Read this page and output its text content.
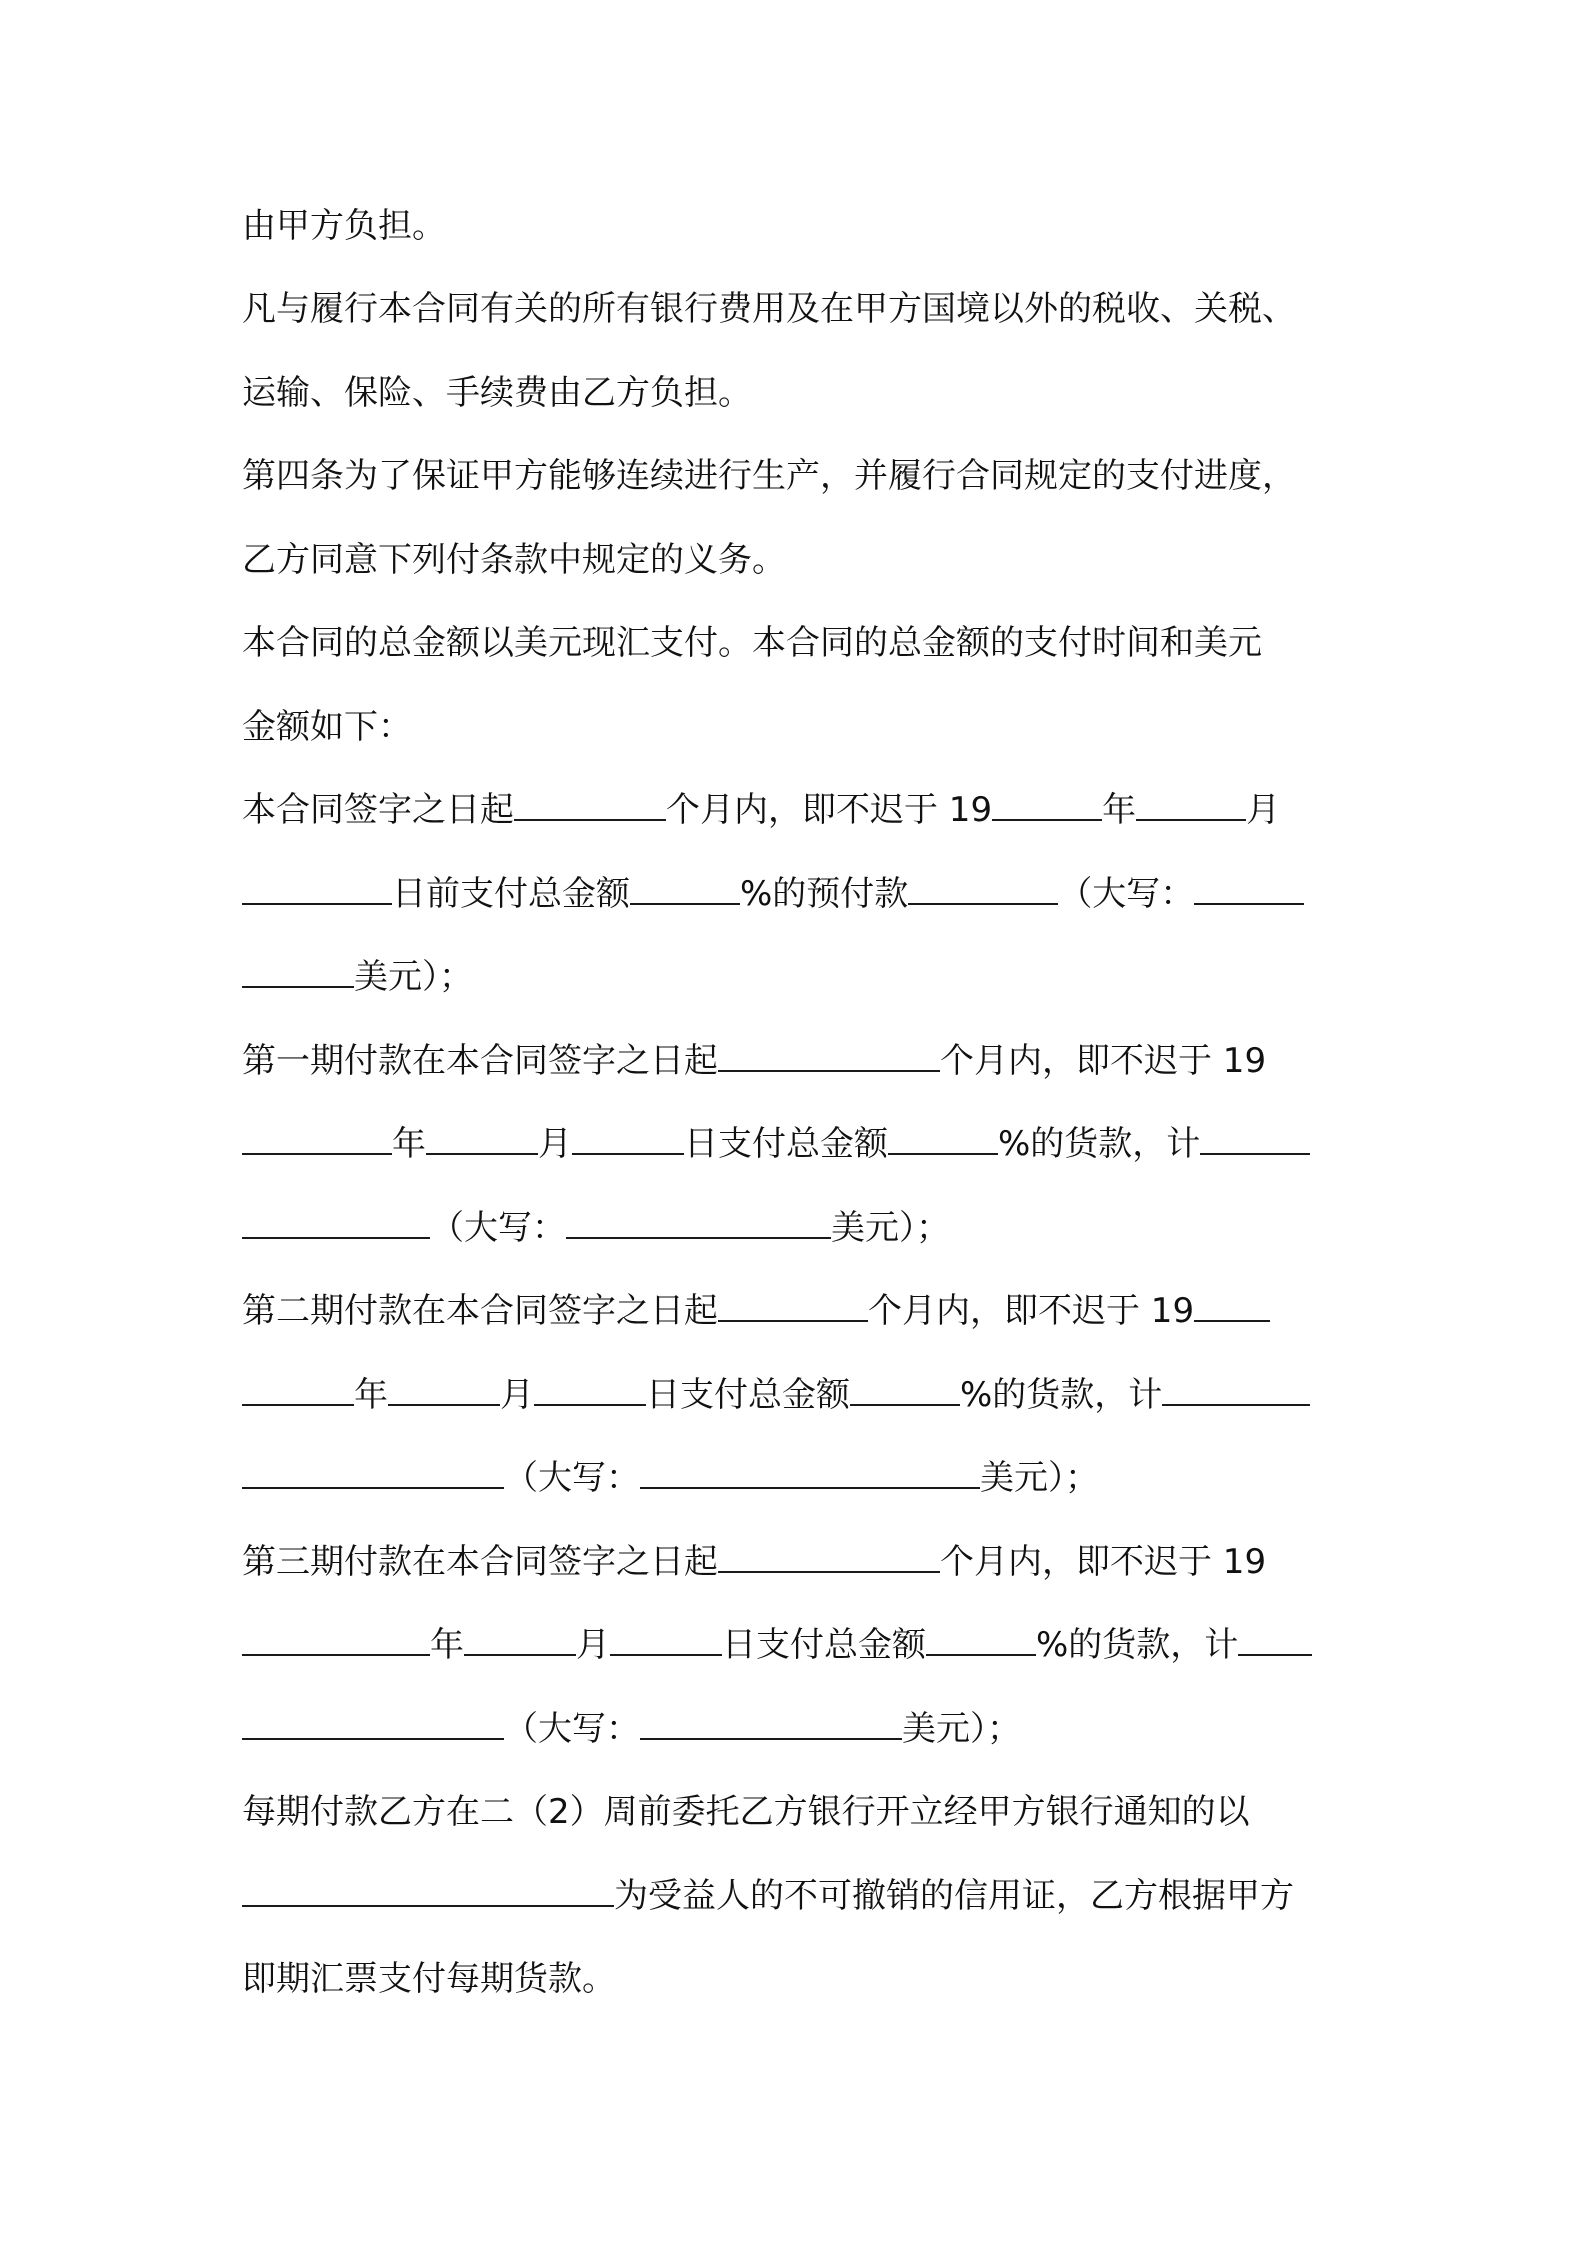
由甲方负担。
凡与履行本合同有关的所有银行费用及在甲方国境以外的税收、关税、
运输、保险、手续费由乙方负担。
第四条为了保证甲方能够连续进行生产，并履行合同规定的支付进度，
乙方同意下列付条款中规定的义务。
本合同的总金额以美元现汇支付。本合同的总金额的支付时间和美元
金额如下：
本合同签字之日起	个月内，即不迟于 19	年	月
日前支付总金额	%的预付款	（大写：
美元）；
第一期付款在本合同签字之日起	个月内，即不迟于 19
年	月	日支付总金额	%的货款，计
（大写：	美元）；
第二期付款在本合同签字之日起	个月内，即不迟于 19
年	月	日支付总金额	%的货款，计
（大写：	美元）；
第三期付款在本合同签字之日起	个月内，即不迟于 19
年	月	日支付总金额	%的货款，计
（大写：	美元）；
每期付款乙方在二（2）周前委托乙方银行开立经甲方银行通知的以
为受益人的不可撤销的信用证，乙方根据甲方
即期汇票支付每期货款。
